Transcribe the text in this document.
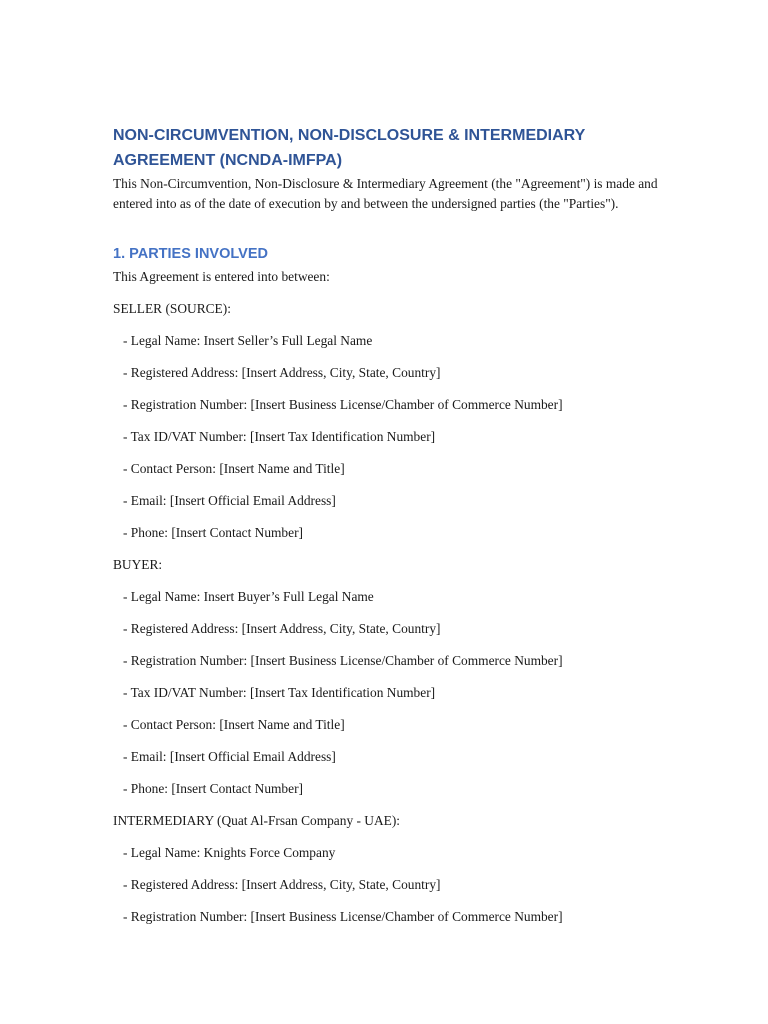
NON-CIRCUMVENTION, NON-DISCLOSURE & INTERMEDIARY AGREEMENT (NCNDA-IMFPA)

This Non-Circumvention, Non-Disclosure & Intermediary Agreement (the "Agreement") is made and entered into as of the date of execution by and between the undersigned parties (the "Parties").

1. PARTIES INVOLVED
This Agreement is entered into between:
SELLER (SOURCE):
- Legal Name: Insert Seller’s Full Legal Name
- Registered Address: [Insert Address, City, State, Country]
- Registration Number: [Insert Business License/Chamber of Commerce Number]
- Tax ID/VAT Number: [Insert Tax Identification Number]
- Contact Person: [Insert Name and Title]
- Email: [Insert Official Email Address]
- Phone: [Insert Contact Number]
BUYER:
- Legal Name: Insert Buyer’s Full Legal Name
- Registered Address: [Insert Address, City, State, Country]
- Registration Number: [Insert Business License/Chamber of Commerce Number]
- Tax ID/VAT Number: [Insert Tax Identification Number]
- Contact Person: [Insert Name and Title]
- Email: [Insert Official Email Address]
- Phone: [Insert Contact Number]
INTERMEDIARY (Quat Al-Frsan Company - UAE):
- Legal Name: Knights Force Company
- Registered Address: [Insert Address, City, State, Country]
- Registration Number: [Insert Business License/Chamber of Commerce Number]
